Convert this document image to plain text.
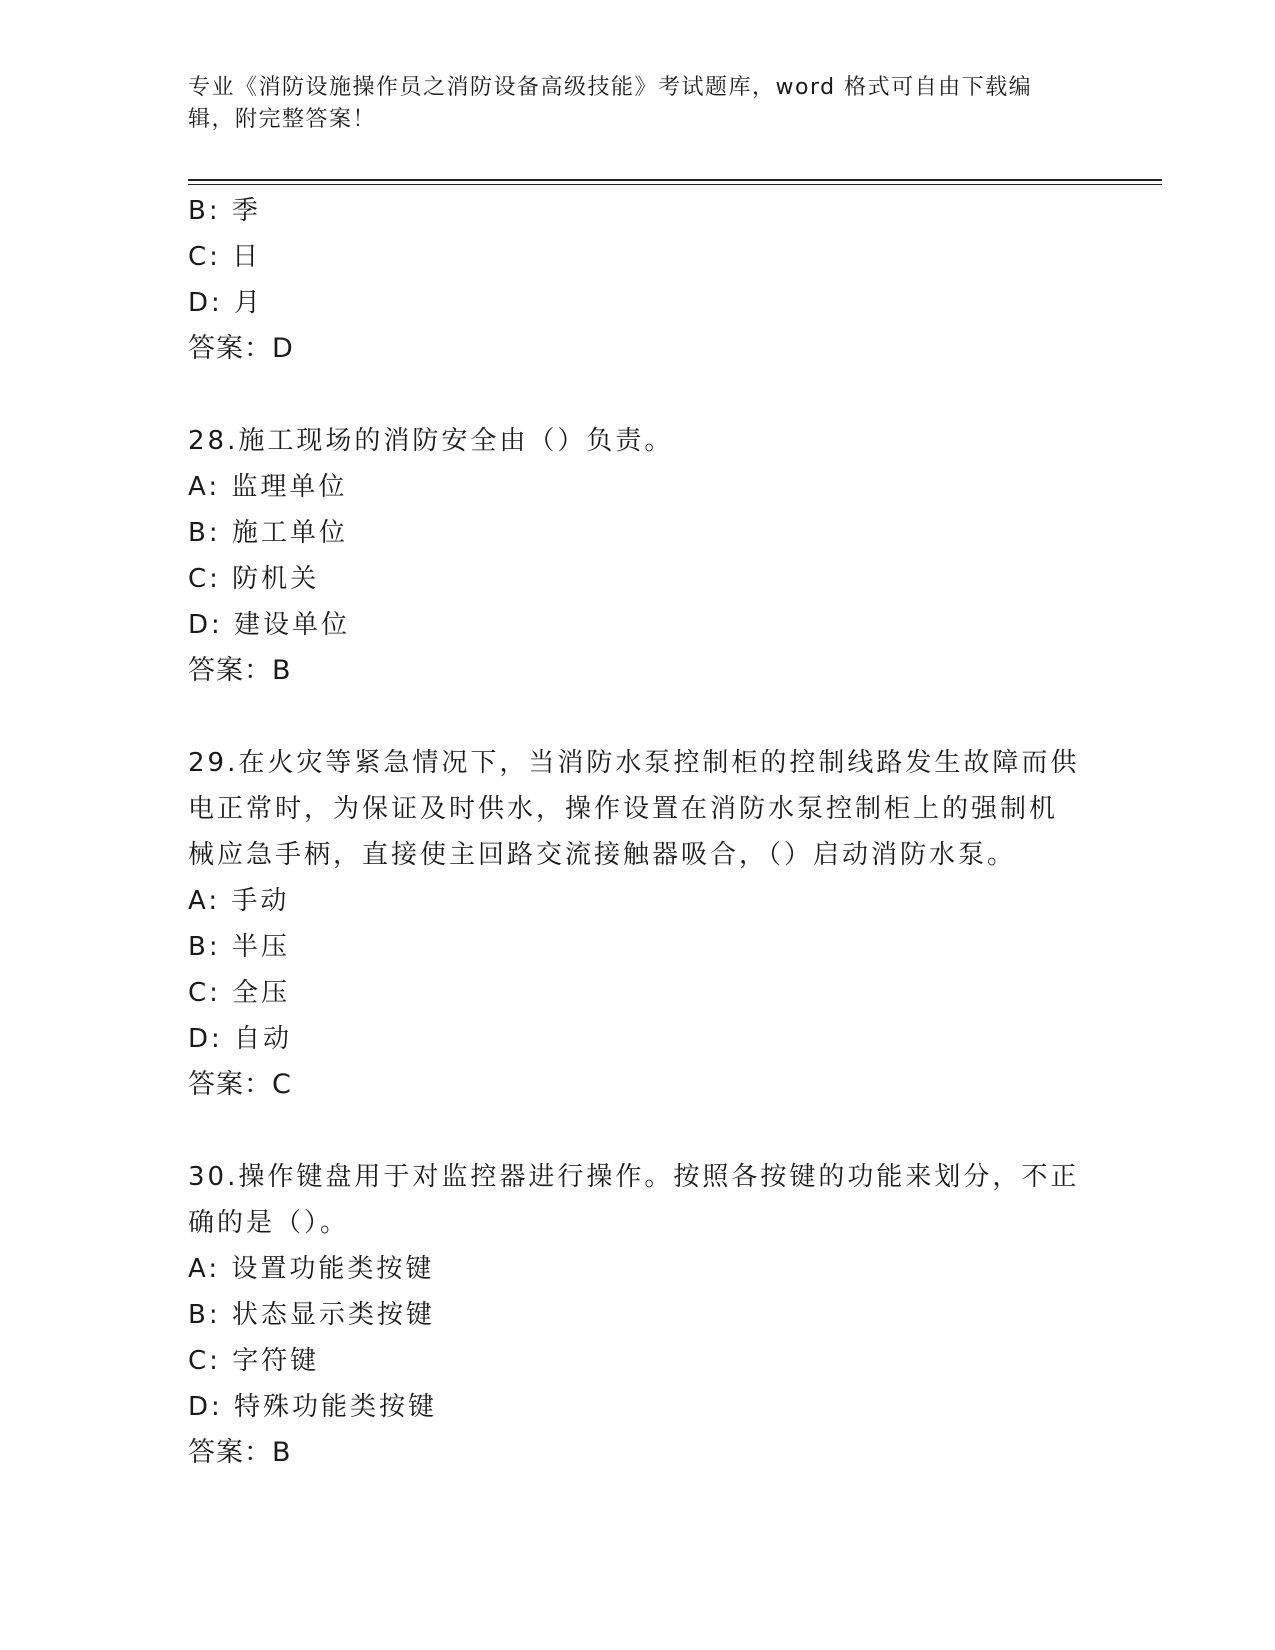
专业《消防设施操作员之消防设备高级技能》考试题库，word 格式可自由下载编
辑，附完整答案！
B: 季
C: 日
D: 月
答案：D
28.施工现场的消防安全由（）负责。
A: 监理单位
B: 施工单位
C: 防机关
D: 建设单位
答案：B
29.在火灾等紧急情况下，当消防水泵控制柜的控制线路发生故障而供
电正常时，为保证及时供水，操作设置在消防水泵控制柜上的强制机
械应急手柄，直接使主回路交流接触器吸合，（）启动消防水泵。
A: 手动
B: 半压
C: 全压
D: 自动
答案：C
30.操作键盘用于对监控器进行操作。按照各按键的功能来划分，不正
确的是（）。
A: 设置功能类按键
B: 状态显示类按键
C: 字符键
D: 特殊功能类按键
答案：B
